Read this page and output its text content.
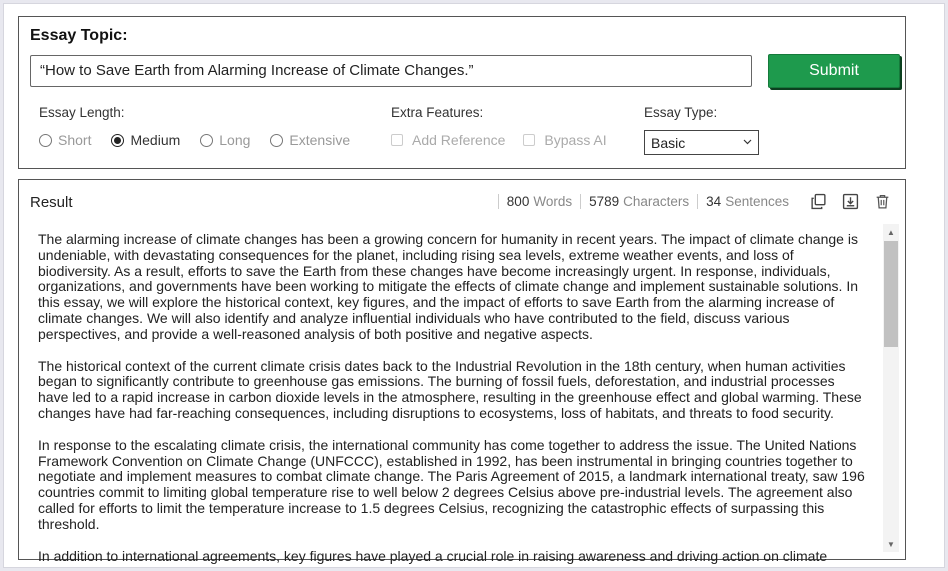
Essay Topic:
“How to Save Earth from Alarming Increase of Climate Changes.”	Submit
Essay Length:	Extra Features:	Essay Type:
Short	Medium	Long	Extensive	Add Reference	Bypass AI	Basic
Result	800 Words 5789 Characters 34 Sentences

The alarming increase of climate changes has been a growing concern for humanity in recent years. The impact of climate change is undeniable, with devastating consequences for the planet, including rising sea levels, extreme weather events, and loss of biodiversity. As a result, efforts to save the Earth from these changes have become increasingly urgent. In response, individuals, organizations, and governments have been working to mitigate the effects of climate change and implement sustainable solutions. In this essay, we will explore the historical context, key figures, and the impact of efforts to save Earth from the alarming increase of climate changes. We will also identify and analyze influential individuals who have contributed to the field, discuss various perspectives, and provide a well-reasoned analysis of both positive and negative aspects.

The historical context of the current climate crisis dates back to the Industrial Revolution in the 18th century, when human activities began to significantly contribute to greenhouse gas emissions. The burning of fossil fuels, deforestation, and industrial processes have led to a rapid increase in carbon dioxide levels in the atmosphere, resulting in the greenhouse effect and global warming. These changes have had far-reaching consequences, including disruptions to ecosystems, loss of habitats, and threats to food security.

In response to the escalating climate crisis, the international community has come together to address the issue. The United Nations Framework Convention on Climate Change (UNFCCC), established in 1992, has been instrumental in bringing countries together to negotiate and implement measures to combat climate change. The Paris Agreement of 2015, a landmark international treaty, saw 196 countries commit to limiting global temperature rise to well below 2 degrees Celsius above pre-industrial levels. The agreement also called for efforts to limit the temperature increase to 1.5 degrees Celsius, recognizing the catastrophic effects of surpassing this threshold.

In addition to international agreements, key figures have played a crucial role in raising awareness and driving action on climate

▲
▼
